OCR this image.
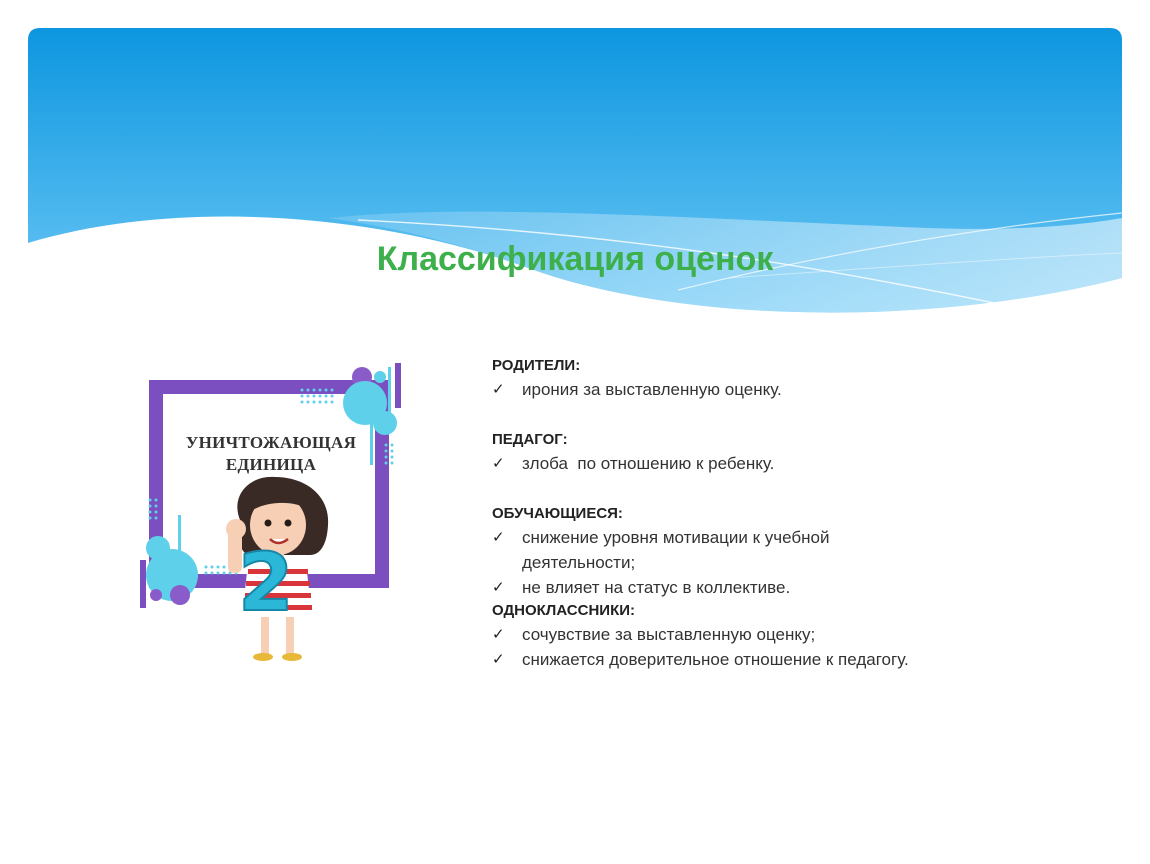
Классификация оценок
2
УНИЧТОЖАЮЩАЯ ЕДИНИЦА

РОДИТЕЛИ:

✓	ирония за выставленную оценку.

ПЕДАГОГ:

✓	злоба  по отношению к ребенку.

ОБУЧАЮЩИЕСЯ:

✓	снижение уровня мотивации к учебной деятельности;
✓	не влияет на статус в коллективе.

ОДНОКЛАССНИКИ:

✓	сочувствие за выставленную оценку;
✓	снижается доверительное отношение к педагогу.
